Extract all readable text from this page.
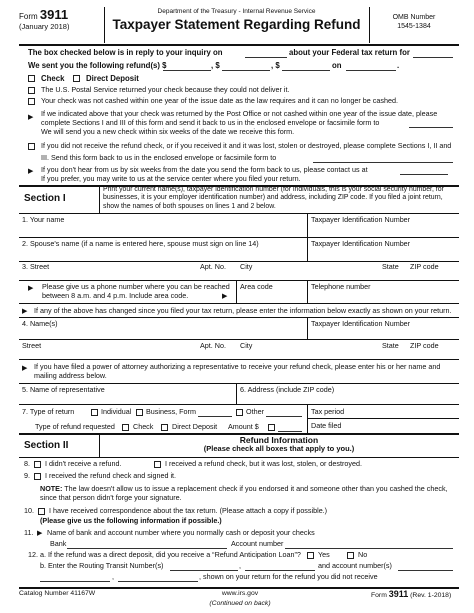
Form 3911
(January 2018)
Department of the Treasury - Internal Revenue Service
Taxpayer Statement Regarding Refund	OMB Number
1545-1384
The box checked below is in reply to your inquiry on	about your Federal tax return for
We sent you the following refund(s) $	, $	, $	on	.
Check	Direct Deposit
The U.S. Postal Service returned your check because they could not deliver it.
Your check was not cashed within one year of the issue date as the law requires and it can no longer be cashed.
▶ If we indicated above that your check was returned by the Post Office or not cashed within one year of the issue date, please
complete Sections I and III of this form and send it back to us in the enclosed envelope or facsimile form to
We will send you a new check within six weeks of the date we receive this form.
If you did not receive the refund check, or if you received it and it was lost, stolen or destroyed, please complete Sections I, II and
III. Send this form back to us in the enclosed envelope or facsimile form to
▶ If you don't hear from us by six weeks from the date you send the form back to us, please contact us at
If you prefer, you may write to us at the service center where you filed your return.
Section I
Print your current name(s), taxpayer identification number (for individuals, this is your social security number, for businesses, it is your employer identification number) and address, including ZIP code. If you filed a joint return, show the names of both spouses on lines 1 and 2 below.
1. Your name	Taxpayer Identification Number
2. Spouse's name (if a name is entered here, spouse must sign on line 14)	Taxpayer Identification Number
3. Street	Apt. No. City	State ZIP code
▶ Please give us a phone number where you can be reached
between 8 a.m. and 4 p.m. Include area code.	▶
Area code	Telephone number
▶ If any of the above has changed since you filed your tax return, please enter the information below exactly as shown on your return.
4. Name(s)	Taxpayer Identification Number
Street	Apt. No. City	State ZIP code
▶ If you have filed a power of attorney authorizing a representative to receive your refund check, please enter his or her name and
mailing address below.
5. Name of representative	6. Address (include ZIP code)
7. Type of return	Individual Business, Form	Other	Tax period
Type of refund requested	Check	Direct Deposit Amount $	Date filed
Section II	Refund Information
(Please check all boxes that apply to you.)
8. I didn't receive a refund.	I received a refund check, but it was lost, stolen, or destroyed.
9. I received the refund check and signed it.
NOTE: The law doesn't allow us to issue a replacement check if you endorsed it and someone other than you cashed the check,
since that person didn't forge your signature.
10. I have received correspondence about the tax return. (Please attach a copy if possible.)
(Please give us the following information if possible.)
11. ▶ Name of bank and account number where you normally cash or deposit your checks
Bank	Account number
12. a. If the refund was a direct deposit, did you receive a “Refund Anticipation Loan”? Yes	No
b. Enter the Routing Transit Number(s)	,	and account number(s)
,	, shown on your return for the refund you did not receive
Catalog Number 41167W	www.irs.gov	Form 3911 (Rev. 1-2018)
(Continued on back)
